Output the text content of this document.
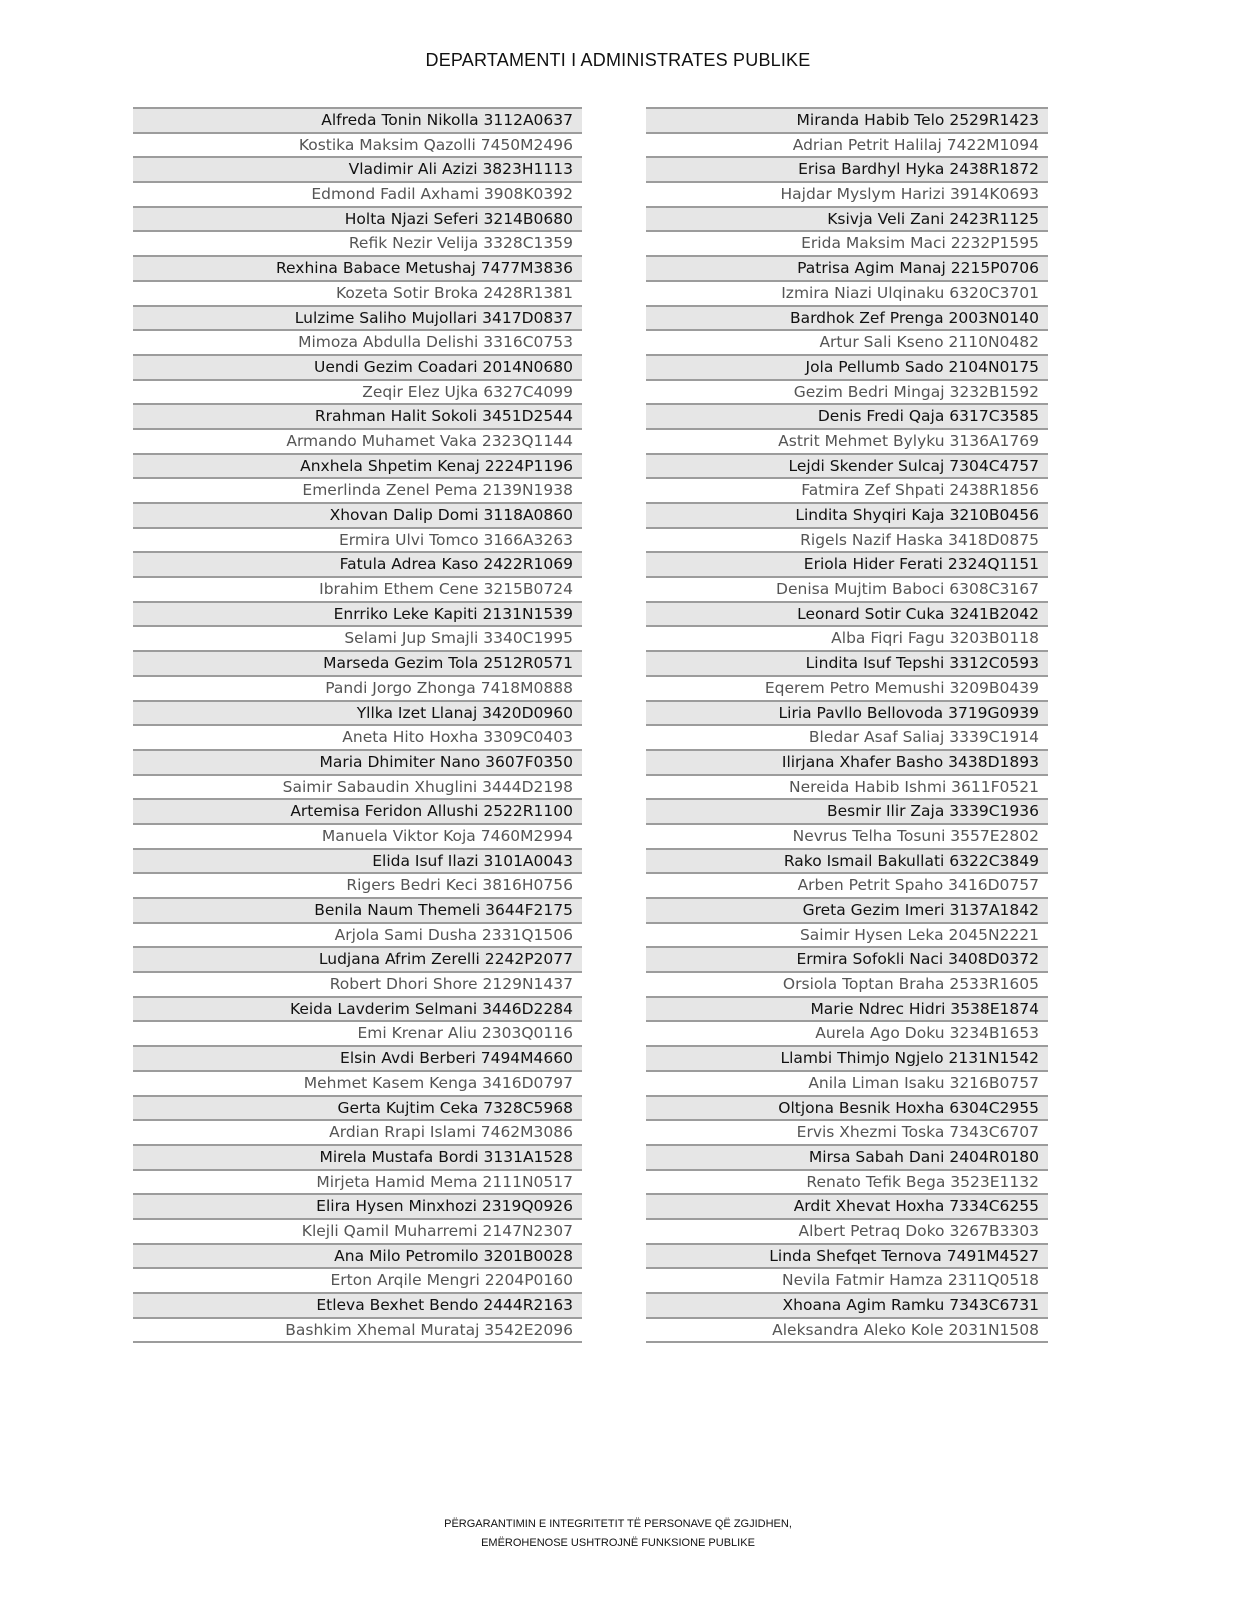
DEPARTAMENTI I ADMINISTRATES PUBLIKE
Alfreda Tonin Nikolla 3112A0637
Kostika Maksim Qazolli 7450M2496
Vladimir Ali Azizi 3823H1113
Edmond Fadil Axhami 3908K0392
Holta Njazi Seferi 3214B0680
Refik Nezir Velija 3328C1359
Rexhina Babace Metushaj 7477M3836
Kozeta Sotir Broka 2428R1381
Lulzime Saliho Mujollari 3417D0837
Mimoza Abdulla Delishi 3316C0753
Uendi Gezim Coadari 2014N0680
Zeqir Elez Ujka 6327C4099
Rrahman Halit Sokoli 3451D2544
Armando Muhamet Vaka 2323Q1144
Anxhela Shpetim Kenaj 2224P1196
Emerlinda Zenel Pema 2139N1938
Xhovan Dalip Domi 3118A0860
Ermira Ulvi Tomco 3166A3263
Fatula Adrea Kaso 2422R1069
Ibrahim Ethem Cene 3215B0724
Enrriko Leke Kapiti 2131N1539
Selami Jup Smajli 3340C1995
Marseda Gezim Tola 2512R0571
Pandi Jorgo Zhonga 7418M0888
Yllka Izet Llanaj 3420D0960
Aneta Hito Hoxha 3309C0403
Maria Dhimiter Nano 3607F0350
Saimir Sabaudin Xhuglini 3444D2198
Artemisa Feridon Allushi 2522R1100
Manuela Viktor Koja 7460M2994
Elida Isuf Ilazi 3101A0043
Rigers Bedri Keci 3816H0756
Benila Naum Themeli 3644F2175
Arjola Sami Dusha 2331Q1506
Ludjana Afrim Zerelli 2242P2077
Robert Dhori Shore 2129N1437
Keida Lavderim Selmani 3446D2284
Emi Krenar Aliu 2303Q0116
Elsin Avdi Berberi 7494M4660
Mehmet Kasem Kenga 3416D0797
Gerta Kujtim Ceka 7328C5968
Ardian Rrapi Islami 7462M3086
Mirela Mustafa Bordi 3131A1528
Mirjeta Hamid Mema 2111N0517
Elira Hysen Minxhozi 2319Q0926
Klejli Qamil Muharremi 2147N2307
Ana Milo Petromilo 3201B0028
Erton Arqile Mengri 2204P0160
Etleva Bexhet Bendo 2444R2163
Bashkim Xhemal Murataj 3542E2096
Miranda Habib Telo 2529R1423
Adrian Petrit Halilaj 7422M1094
Erisa Bardhyl Hyka 2438R1872
Hajdar Myslym Harizi 3914K0693
Ksivja Veli Zani 2423R1125
Erida Maksim Maci 2232P1595
Patrisa Agim Manaj 2215P0706
Izmira Niazi Ulqinaku 6320C3701
Bardhok Zef Prenga 2003N0140
Artur Sali Kseno 2110N0482
Jola Pellumb Sado 2104N0175
Gezim Bedri Mingaj 3232B1592
Denis Fredi Qaja 6317C3585
Astrit Mehmet Bylyku 3136A1769
Lejdi Skender Sulcaj 7304C4757
Fatmira Zef Shpati 2438R1856
Lindita Shyqiri Kaja 3210B0456
Rigels Nazif Haska 3418D0875
Eriola Hider Ferati 2324Q1151
Denisa Mujtim Baboci 6308C3167
Leonard Sotir Cuka 3241B2042
Alba Fiqri Fagu 3203B0118
Lindita Isuf Tepshi 3312C0593
Eqerem Petro Memushi 3209B0439
Liria Pavllo Bellovoda 3719G0939
Bledar Asaf Saliaj 3339C1914
Ilirjana Xhafer Basho 3438D1893
Nereida Habib Ishmi 3611F0521
Besmir Ilir Zaja 3339C1936
Nevrus Telha Tosuni 3557E2802
Rako Ismail Bakullati 6322C3849
Arben Petrit Spaho 3416D0757
Greta Gezim Imeri 3137A1842
Saimir Hysen Leka 2045N2221
Ermira Sofokli Naci 3408D0372
Orsiola Toptan Braha 2533R1605
Marie Ndrec Hidri 3538E1874
Aurela Ago Doku 3234B1653
Llambi Thimjo Ngjelo 2131N1542
Anila Liman Isaku 3216B0757
Oltjona Besnik Hoxha 6304C2955
Ervis Xhezmi Toska 7343C6707
Mirsa Sabah Dani 2404R0180
Renato Tefik Bega 3523E1132
Ardit Xhevat Hoxha 7334C6255
Albert Petraq Doko 3267B3303
Linda Shefqet Ternova 7491M4527
Nevila Fatmir Hamza 2311Q0518
Xhoana Agim Ramku 7343C6731
Aleksandra Aleko Kole 2031N1508
PËRGARANTIMIN E INTEGRITETIT TË PERSONAVE QË ZGJIDHEN,
EMËROHENOSE USHTROJNË FUNKSIONE PUBLIKE
